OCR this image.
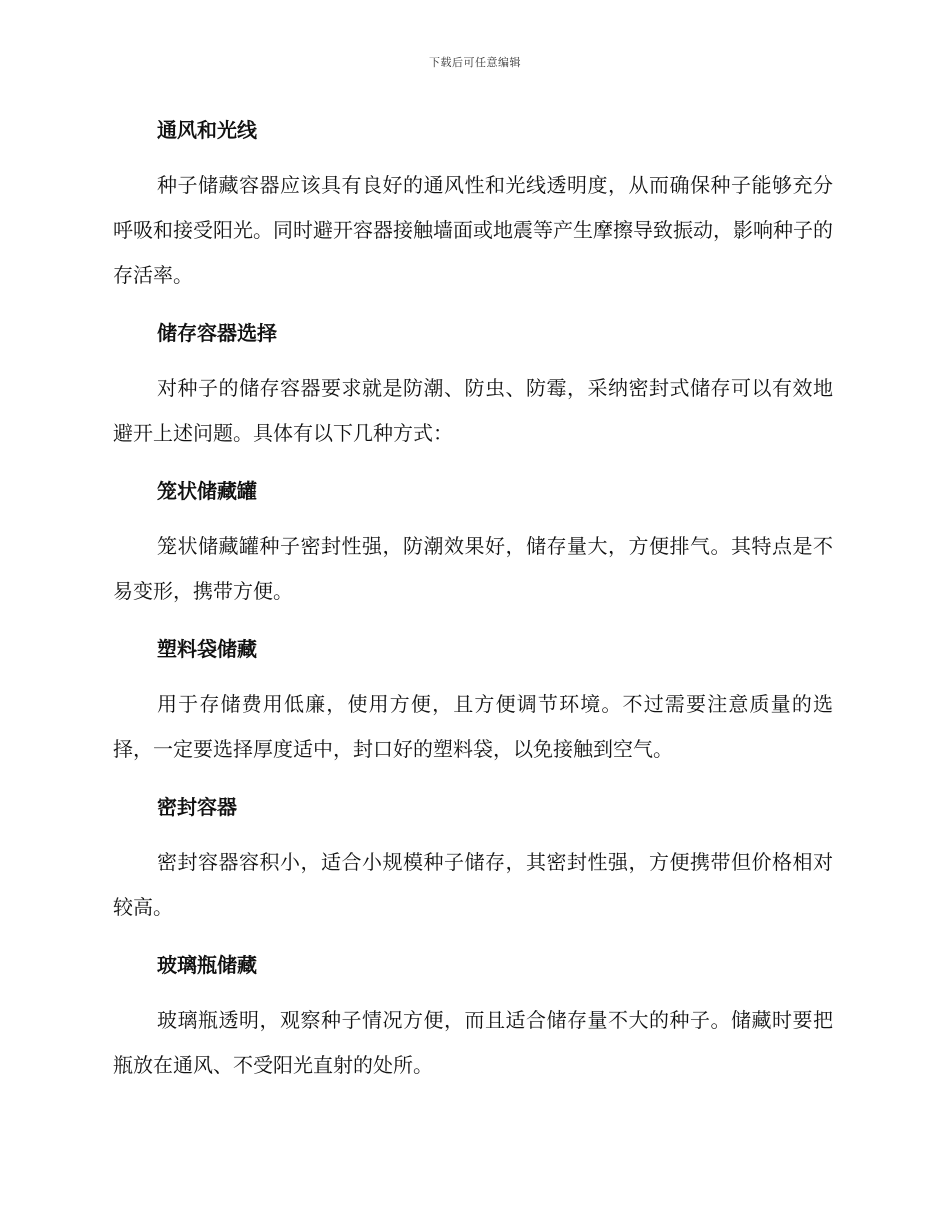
下载后可任意编辑
通风和光线

种子储藏容器应该具有良好的通风性和光线透明度，从而确保种子能够充分呼吸和接受阳光。同时避开容器接触墙面或地震等产生摩擦导致振动，影响种子的存活率。

储存容器选择

对种子的储存容器要求就是防潮、防虫、防霉，采纳密封式储存可以有效地避开上述问题。具体有以下几种方式：

笼状储藏罐

笼状储藏罐种子密封性强，防潮效果好，储存量大，方便排气。其特点是不易变形，携带方便。

塑料袋储藏

用于存储费用低廉，使用方便，且方便调节环境。不过需要注意质量的选择，一定要选择厚度适中，封口好的塑料袋，以免接触到空气。

密封容器

密封容器容积小，适合小规模种子储存，其密封性强，方便携带但价格相对较高。

玻璃瓶储藏

玻璃瓶透明，观察种子情况方便，而且适合储存量不大的种子。储藏时要把瓶放在通风、不受阳光直射的处所。
